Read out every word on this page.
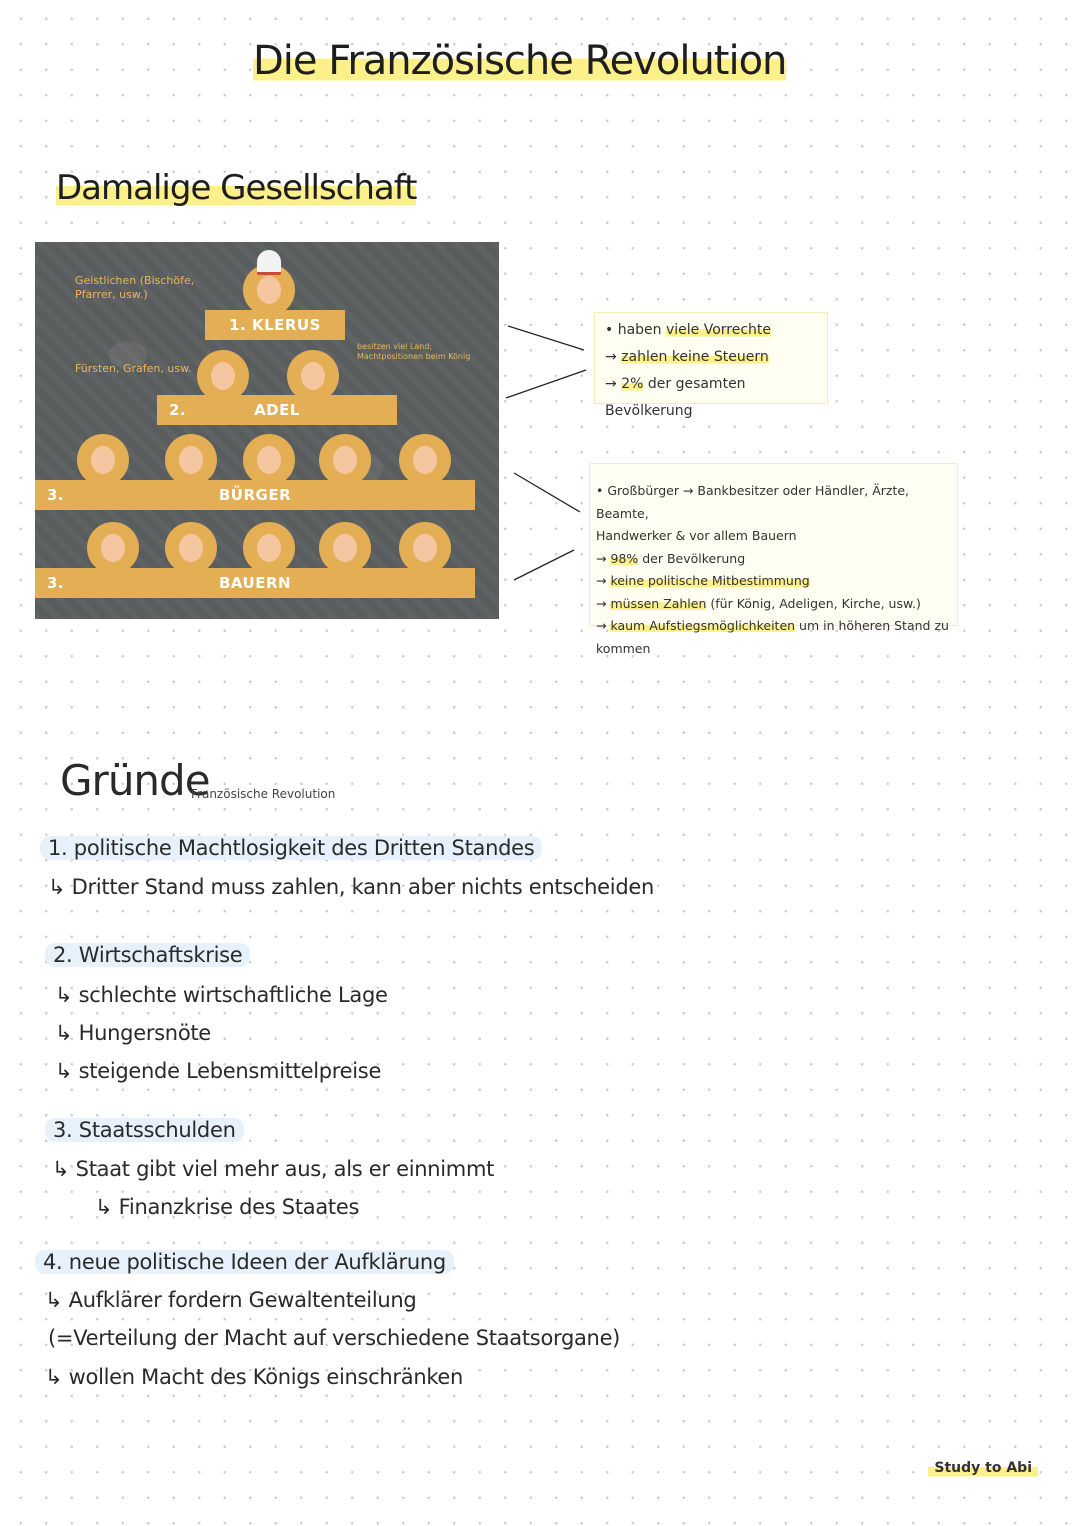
Die Französische Revolution
Damalige Gesellschaft
Geistlichen (Bischöfe, Pfarrer, usw.)
Fürsten, Grafen, usw.
besitzen viel Land; Machtpositionen beim König
1. KLERUS
2.	ADEL
3.	BÜRGER
3.	BAUERN
• haben viele Vorrechte
→ zahlen keine Steuern
→ 2% der gesamten Bevölkerung
• Großbürger → Bankbesitzer oder Händler, Ärzte, Beamte,
Handwerker & vor allem Bauern
→ 98% der Bevölkerung
→ keine politische Mitbestimmung
→ müssen Zahlen (für König, Adeligen, Kirche, usw.)
→ kaum Aufstiegsmöglichkeiten um in höheren Stand zu kommen
Gründe
Französische Revolution
1. politische Machtlosigkeit des Dritten Standes
↳ Dritter Stand muss zahlen, kann aber nichts entscheiden
2. Wirtschaftskrise
↳ schlechte wirtschaftliche Lage
↳ Hungersnöte
↳ steigende Lebensmittelpreise
3. Staatsschulden
↳ Staat gibt viel mehr aus, als er einnimmt
↳ Finanzkrise des Staates
4. neue politische Ideen der Aufklärung
↳ Aufklärer fordern Gewaltenteilung
(=Verteilung der Macht auf verschiedene Staatsorgane)
↳ wollen Macht des Königs einschränken
Study to Abi
